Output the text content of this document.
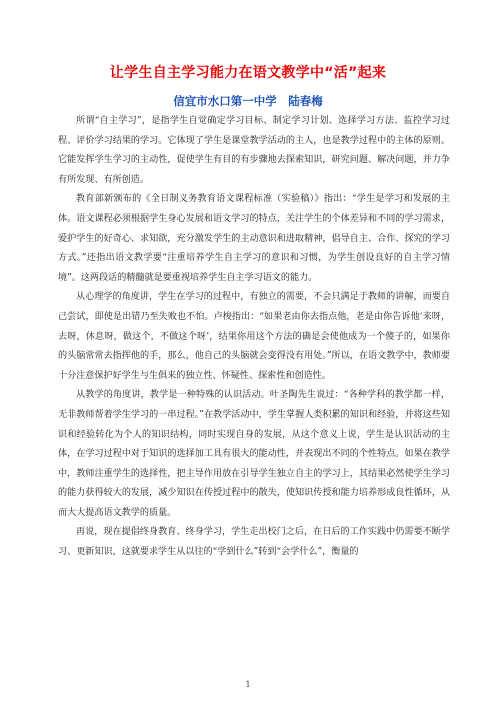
让学生自主学习能力在语文教学中“活”起来
信宜市水口第一中学　陆春梅

所谓“自主学习”，是指学生自觉确定学习目标、制定学习计划、选择学习方法、监控学习过程、评价学习结果的学习。它体现了学生是课堂教学活动的主人，也是教学过程中的主体的原则。它能发挥学生学习的主动性，促使学生有目的有步骤地去探索知识，研究问题、解决问题，并力争有所发现、有所创造。

教育部新颁布的《全日制义务教育语文课程标准（实验稿）》指出：“学生是学习和发展的主体。语文课程必须根据学生身心发展和语文学习的特点，关注学生的个体差异和不同的学习需求，爱护学生的好奇心、求知欲，充分激发学生的主动意识和进取精神，倡导自主、合作、探究的学习方式。”还指出语文教学要“注重培养学生自主学习的意识和习惯，为学生创设良好的自主学习情境”。这两段话的精髓就是要重视培养学生自主学习语文的能力。

从心理学的角度讲，学生在学习的过程中，有独立的需要，不会只满足于教师的讲解，而要自己尝试，即使是出错乃至失败也不怕。卢梭指出：“如果老由你去指点他，老是由你告诉他‘来呀，去呀，休息呀，做这个，不做这个呀’，结果你用这个方法的确是会使他成为一个傻子的，如果你的头脑常常去指挥他的手，那么，他自己的头脑就会变得没有用处。”所以，在语文教学中，教师要十分注意保护好学生与生俱来的独立性、怀疑性、探索性和创造性。

从教学的角度讲，教学是一种特殊的认识活动。叶圣陶先生说过：“各种学科的教学都一样，无非教师帮着学生学习的一串过程。”在教学活动中，学生掌握人类积累的知识和经验，并将这些知识和经验转化为个人的知识结构，同时实现自身的发展，从这个意义上说，学生是认识活动的主体，在学习过程中对于知识的选择加工具有很大的能动性，并表现出不同的个性特点。如果在教学中，教师注重学生的选择性，把主导作用放在引导学生独立自主的学习上，其结果必然使学生学习的能力获得较大的发展，减少知识在传授过程中的散失，使知识传授和能力培养形成良性循环，从而大大提高语文教学的质量。

再说，现在提倡终身教育、终身学习，学生走出校门之后，在日后的工作实践中仍需要不断学习、更新知识，这就要求学生从以往的“学到什么”转到“会学什么”，衡量的

1
